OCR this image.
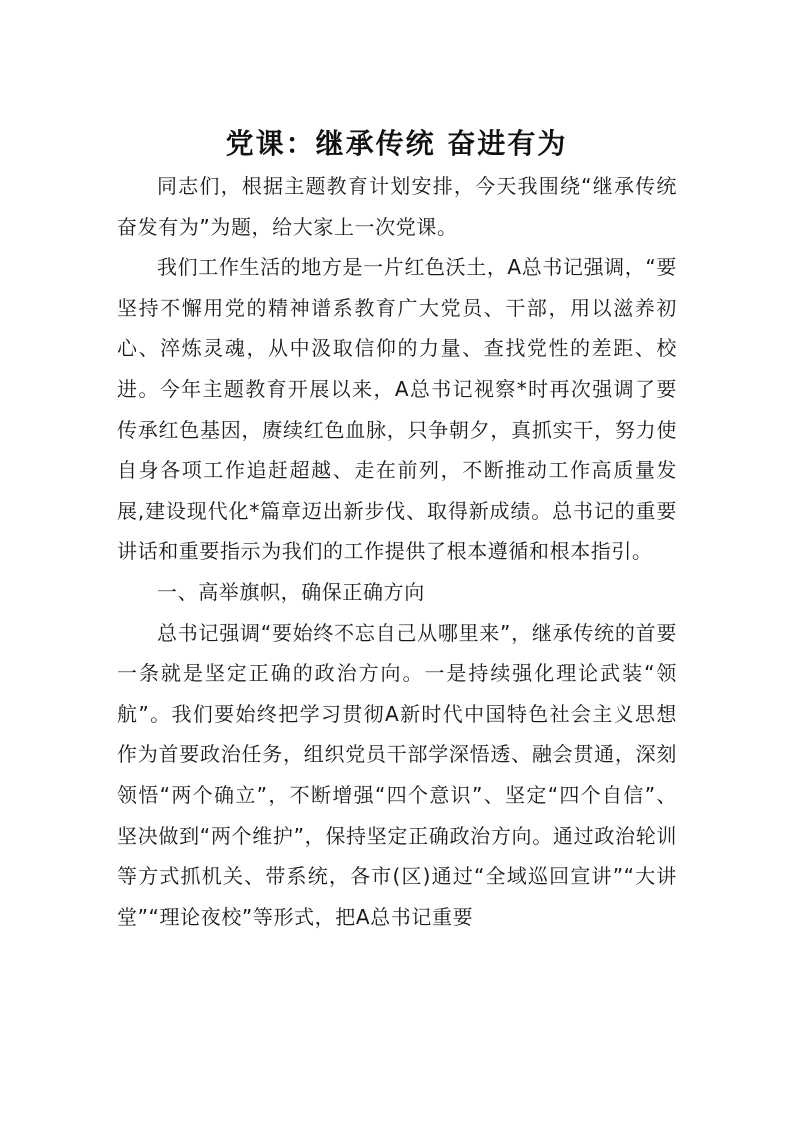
党课：继承传统 奋进有为

同志们，根据主题教育计划安排，今天我围绕“继承传统 奋发有为”为题，给大家上一次党课。

我们工作生活的地方是一片红色沃土，A总书记强调，“要坚持不懈用党的精神谱系教育广大党员、干部，用以滋养初心、淬炼灵魂，从中汲取信仰的力量、查找党性的差距、校进。今年主题教育开展以来，A总书记视察*时再次强调了要传承红色基因，赓续红色血脉，只争朝夕，真抓实干，努力使自身各项工作追赶超越、走在前列，不断推动工作高质量发展,建设现代化*篇章迈出新步伐、取得新成绩。总书记的重要讲话和重要指示为我们的工作提供了根本遵循和根本指引。

一、高举旗帜，确保正确方向

总书记强调“要始终不忘自己从哪里来”，继承传统的首要一条就是坚定正确的政治方向。一是持续强化理论武装“领航”。我们要始终把学习贯彻A新时代中国特色社会主义思想作为首要政治任务，组织党员干部学深悟透、融会贯通，深刻领悟“两个确立”，不断增强“四个意识”、坚定“四个自信”、坚决做到“两个维护”，保持坚定正确政治方向。通过政治轮训等方式抓机关、带系统，各市(区)通过“全域巡回宣讲”“大讲堂”“理论夜校”等形式，把A总书记重要
